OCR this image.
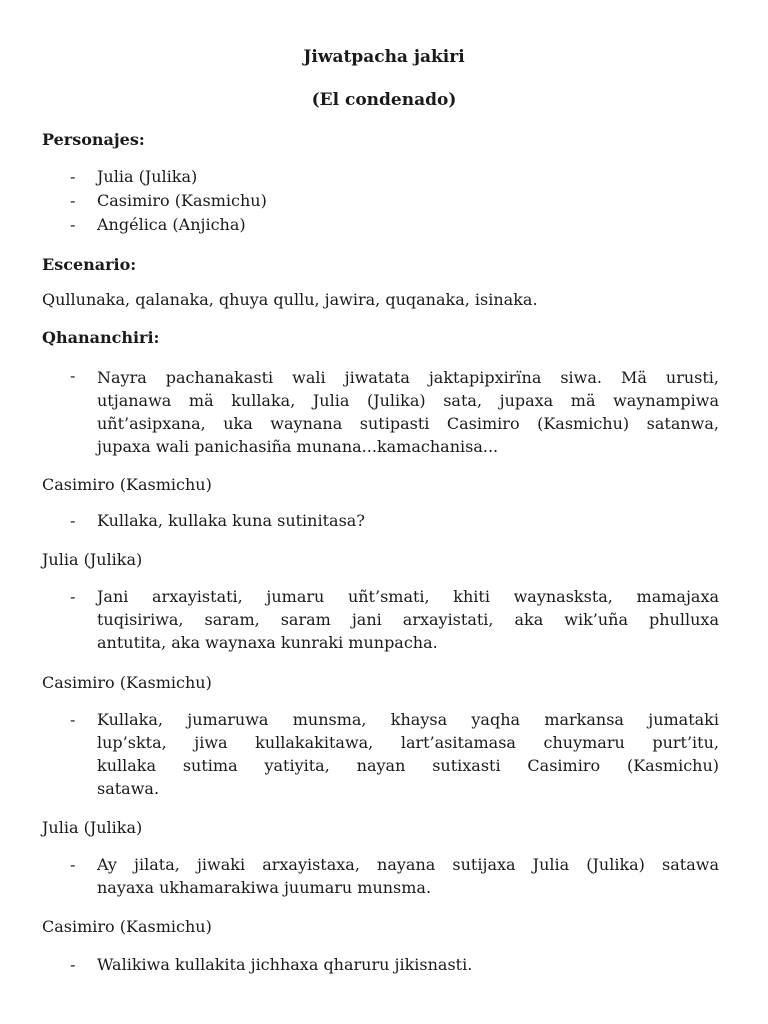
Jiwatpacha jakiri
(El condenado)
Personajes:
- Julia (Julika)
- Casimiro (Kasmichu)
- Angélica (Anjicha)
Escenario:
Qullunaka, qalanaka, qhuya qullu, jawira, quqanaka, isinaka.
Qhananchiri:
- Nayra pachanakasti wali jiwatata jaktapipxirïna siwa. Mä urusti,
utjanawa mä kullaka, Julia (Julika) sata, jupaxa mä waynampiwa
uñt’asipxana, uka waynana sutipasti Casimiro (Kasmichu) satanwa,
jupaxa wali panichasiña munana...kamachanisa...
Casimiro (Kasmichu)
- Kullaka, kullaka kuna sutinitasa?
Julia (Julika)
- Jani arxayistati, jumaru uñt’smati, khiti waynasksta, mamajaxa
tuqisiriwa, saram, saram jani arxayistati, aka wik’uña phulluxa
antutita, aka waynaxa kunraki munpacha.
Casimiro (Kasmichu)
- Kullaka, jumaruwa munsma, khaysa yaqha markansa jumataki
lup’skta, jiwa kullakakitawa, lart’asitamasa chuymaru purt’itu,
kullaka sutima yatiyita, nayan sutixasti Casimiro (Kasmichu)
satawa.
Julia (Julika)
- Ay jilata, jiwaki arxayistaxa, nayana sutijaxa Julia (Julika) satawa
nayaxa ukhamarakiwa juumaru munsma.
Casimiro (Kasmichu)
- Walikiwa kullakita jichhaxa qharuru jikisnasti.
